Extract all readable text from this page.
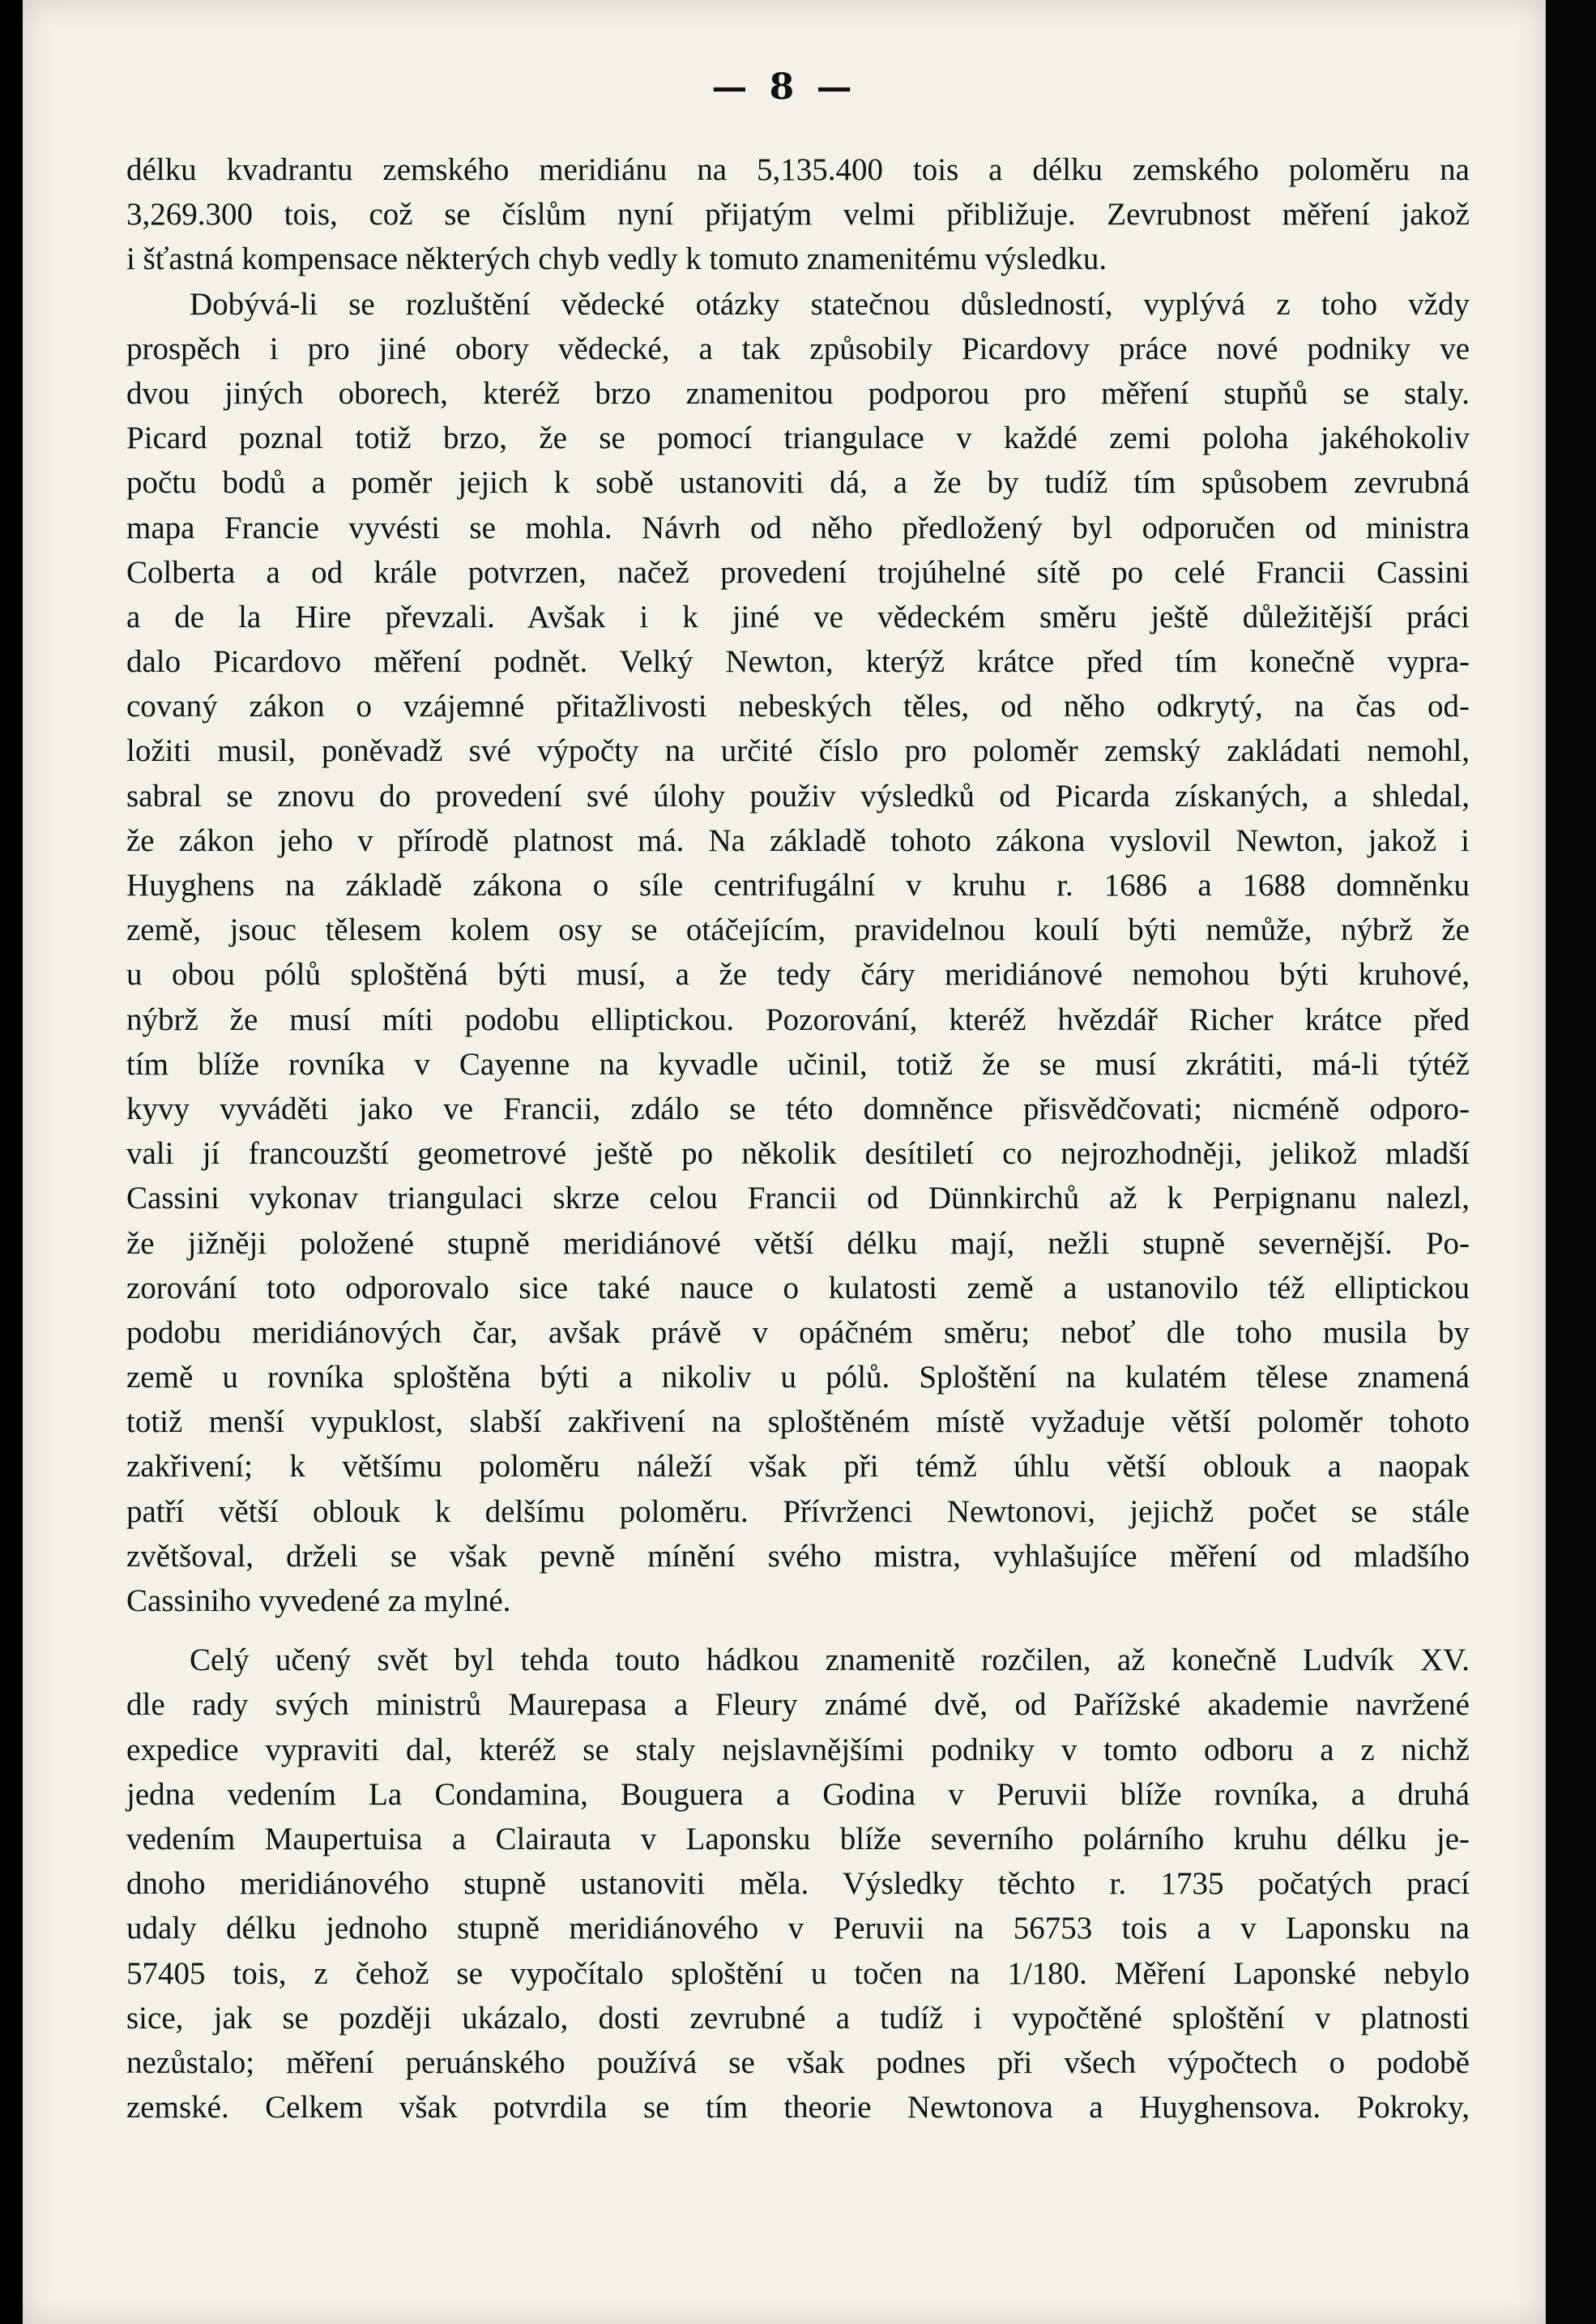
— 8 —
délku kvadrantu zemského meridiánu na 5,135.400 tois a délku zemského poloměru na
3,269.300 tois, což se číslům nyní přijatým velmi přibližuje. Zevrubnost měření jakož
i šťastná kompensace některých chyb vedly k tomuto znamenitému výsledku.
Dobývá-li se rozluštění vědecké otázky statečnou důsledností, vyplývá z toho vždy
prospěch i pro jiné obory vědecké, a tak způsobily Picardovy práce nové podniky ve
dvou jiných oborech, kteréž brzo znamenitou podporou pro měření stupňů se staly.
Picard poznal totiž brzo, že se pomocí triangulace v každé zemi poloha jakéhokoliv
počtu bodů a poměr jejich k sobě ustanoviti dá, a že by tudíž tím spůsobem zevrubná
mapa Francie vyvésti se mohla. Návrh od něho předložený byl odporučen od ministra
Colberta a od krále potvrzen, načež provedení trojúhelné sítě po celé Francii Cassini
a de la Hire převzali. Avšak i k jiné ve vědeckém směru ještě důležitější práci
dalo Picardovo měření podnět. Velký Newton, kterýž krátce před tím konečně vypra-
covaný zákon o vzájemné přitažlivosti nebeských těles, od něho odkrytý, na čas od-
ložiti musil, poněvadž své výpočty na určité číslo pro poloměr zemský zakládati nemohl,
sabral se znovu do provedení své úlohy použiv výsledků od Picarda získaných, a shledal,
že zákon jeho v přírodě platnost má. Na základě tohoto zákona vyslovil Newton, jakož i
Huyghens na základě zákona o síle centrifugální v kruhu r. 1686 a 1688 domněnku
země, jsouc tělesem kolem osy se otáčejícím, pravidelnou koulí býti nemůže, nýbrž že
u obou pólů sploštěná býti musí, a že tedy čáry meridiánové nemohou býti kruhové,
nýbrž že musí míti podobu elliptickou. Pozorování, kteréž hvězdář Richer krátce před
tím blíže rovníka v Cayenne na kyvadle učinil, totiž že se musí zkrátiti, má-li týtéž
kyvy vyváděti jako ve Francii, zdálo se této domněnce přisvědčovati; nicméně odporo-
vali jí francouzští geometrové ještě po několik desítiletí co nejrozhodněji, jelikož mladší
Cassini vykonav triangulaci skrze celou Francii od Dünnkirchů až k Perpignanu nalezl,
že jižněji položené stupně meridiánové větší délku mají, nežli stupně severnější. Po-
zorování toto odporovalo sice také nauce o kulatosti země a ustanovilo též elliptickou
podobu meridiánových čar, avšak právě v opáčném směru; neboť dle toho musila by
země u rovníka sploštěna býti a nikoliv u pólů. Sploštění na kulatém tělese znamená
totiž menší vypuklost, slabší zakřivení na sploštěném místě vyžaduje větší poloměr tohoto
zakřivení; k většímu poloměru náleží však při témž úhlu větší oblouk a naopak
patří větší oblouk k delšímu poloměru. Přívrženci Newtonovi, jejichž počet se stále
zvětšoval, drželi se však pevně mínění svého mistra, vyhlašujíce měření od mladšího
Cassiniho vyvedené za mylné.
Celý učený svět byl tehda touto hádkou znamenitě rozčilen, až konečně Ludvík XV.
dle rady svých ministrů Maurepasa a Fleury známé dvě, od Pařížské akademie navržené
expedice vypraviti dal, kteréž se staly nejslavnějšími podniky v tomto odboru a z nichž
jedna vedením La Condamina, Bouguera a Godina v Peruvii blíže rovníka, a druhá
vedením Maupertuisa a Clairauta v Laponsku blíže severního polárního kruhu délku je-
dnoho meridiánového stupně ustanoviti měla. Výsledky těchto r. 1735 počatých prací
udaly délku jednoho stupně meridiánového v Peruvii na 56753 tois a v Laponsku na
57405 tois, z čehož se vypočítalo sploštění u točen na 1/180. Měření Laponské nebylo
sice, jak se později ukázalo, dosti zevrubné a tudíž i vypočtěné sploštění v platnosti
nezůstalo; měření peruánského používá se však podnes při všech výpočtech o podobě
zemské. Celkem však potvrdila se tím theorie Newtonova a Huyghensova. Pokroky,
